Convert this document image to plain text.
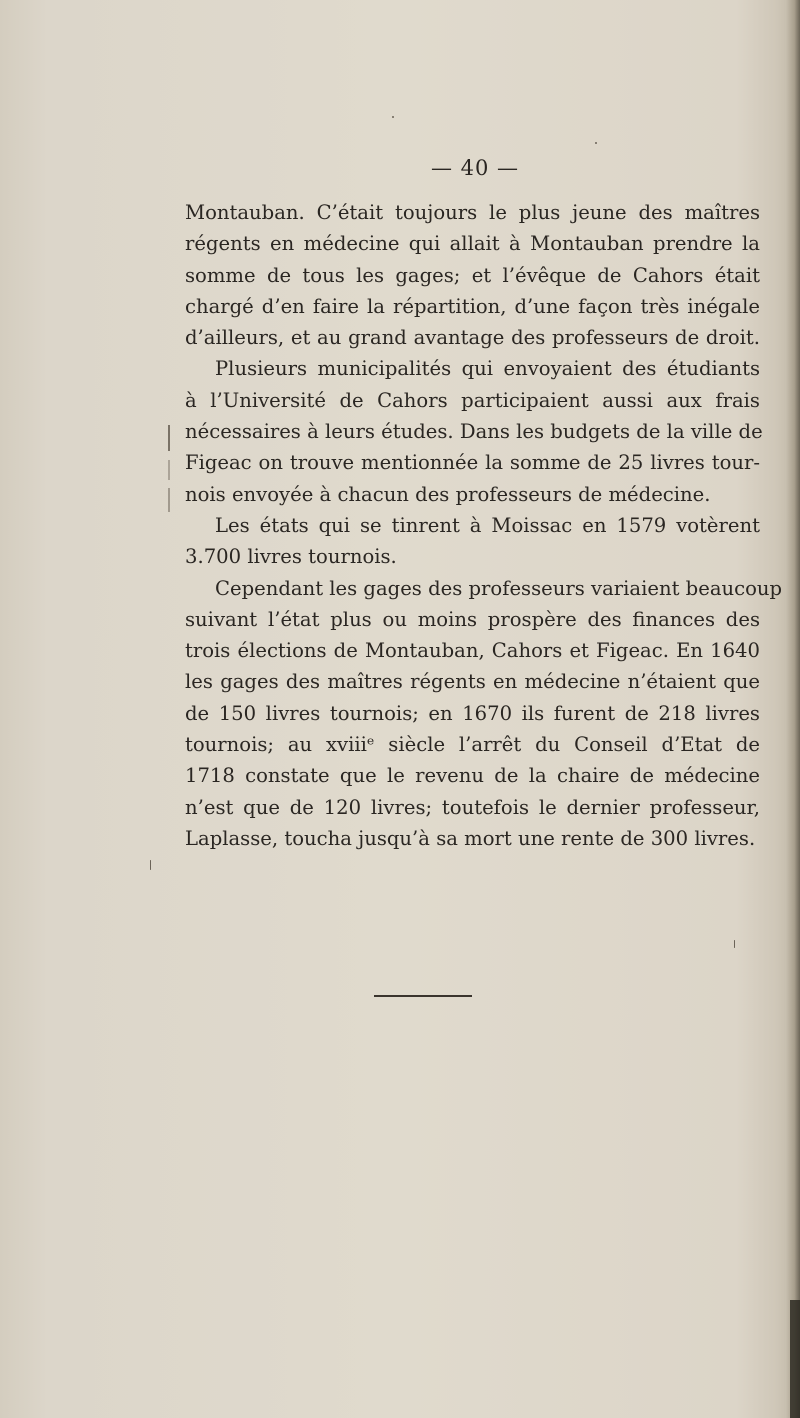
— 40 —
Montauban. C’était toujours le plus jeune des maîtres
régents en médecine qui allait à Montauban prendre la
somme de tous les gages; et l’évêque de Cahors était
chargé d’en faire la répartition, d’une façon très inégale
d’ailleurs, et au grand avantage des professeurs de droit.
Plusieurs municipalités qui envoyaient des étudiants
à l’Université de Cahors participaient aussi aux frais
nécessaires à leurs études. Dans les budgets de la ville de
Figeac on trouve mentionnée la somme de 25 livres tour-
nois envoyée à chacun des professeurs de médecine.
Les états qui se tinrent à Moissac en 1579 votèrent
3.700 livres tournois.
Cependant les gages des professeurs variaient beaucoup
suivant l’état plus ou moins prospère des finances des
trois élections de Montauban, Cahors et Figeac. En 1640
les gages des maîtres régents en médecine n’étaient que
de 150 livres tournois; en 1670 ils furent de 218 livres
tournois; au xviiiᵉ siècle l’arrêt du Conseil d’Etat de
1718 constate que le revenu de la chaire de médecine
n’est que de 120 livres; toutefois le dernier professeur,
Laplasse, toucha jusqu’à sa mort une rente de 300 livres.
